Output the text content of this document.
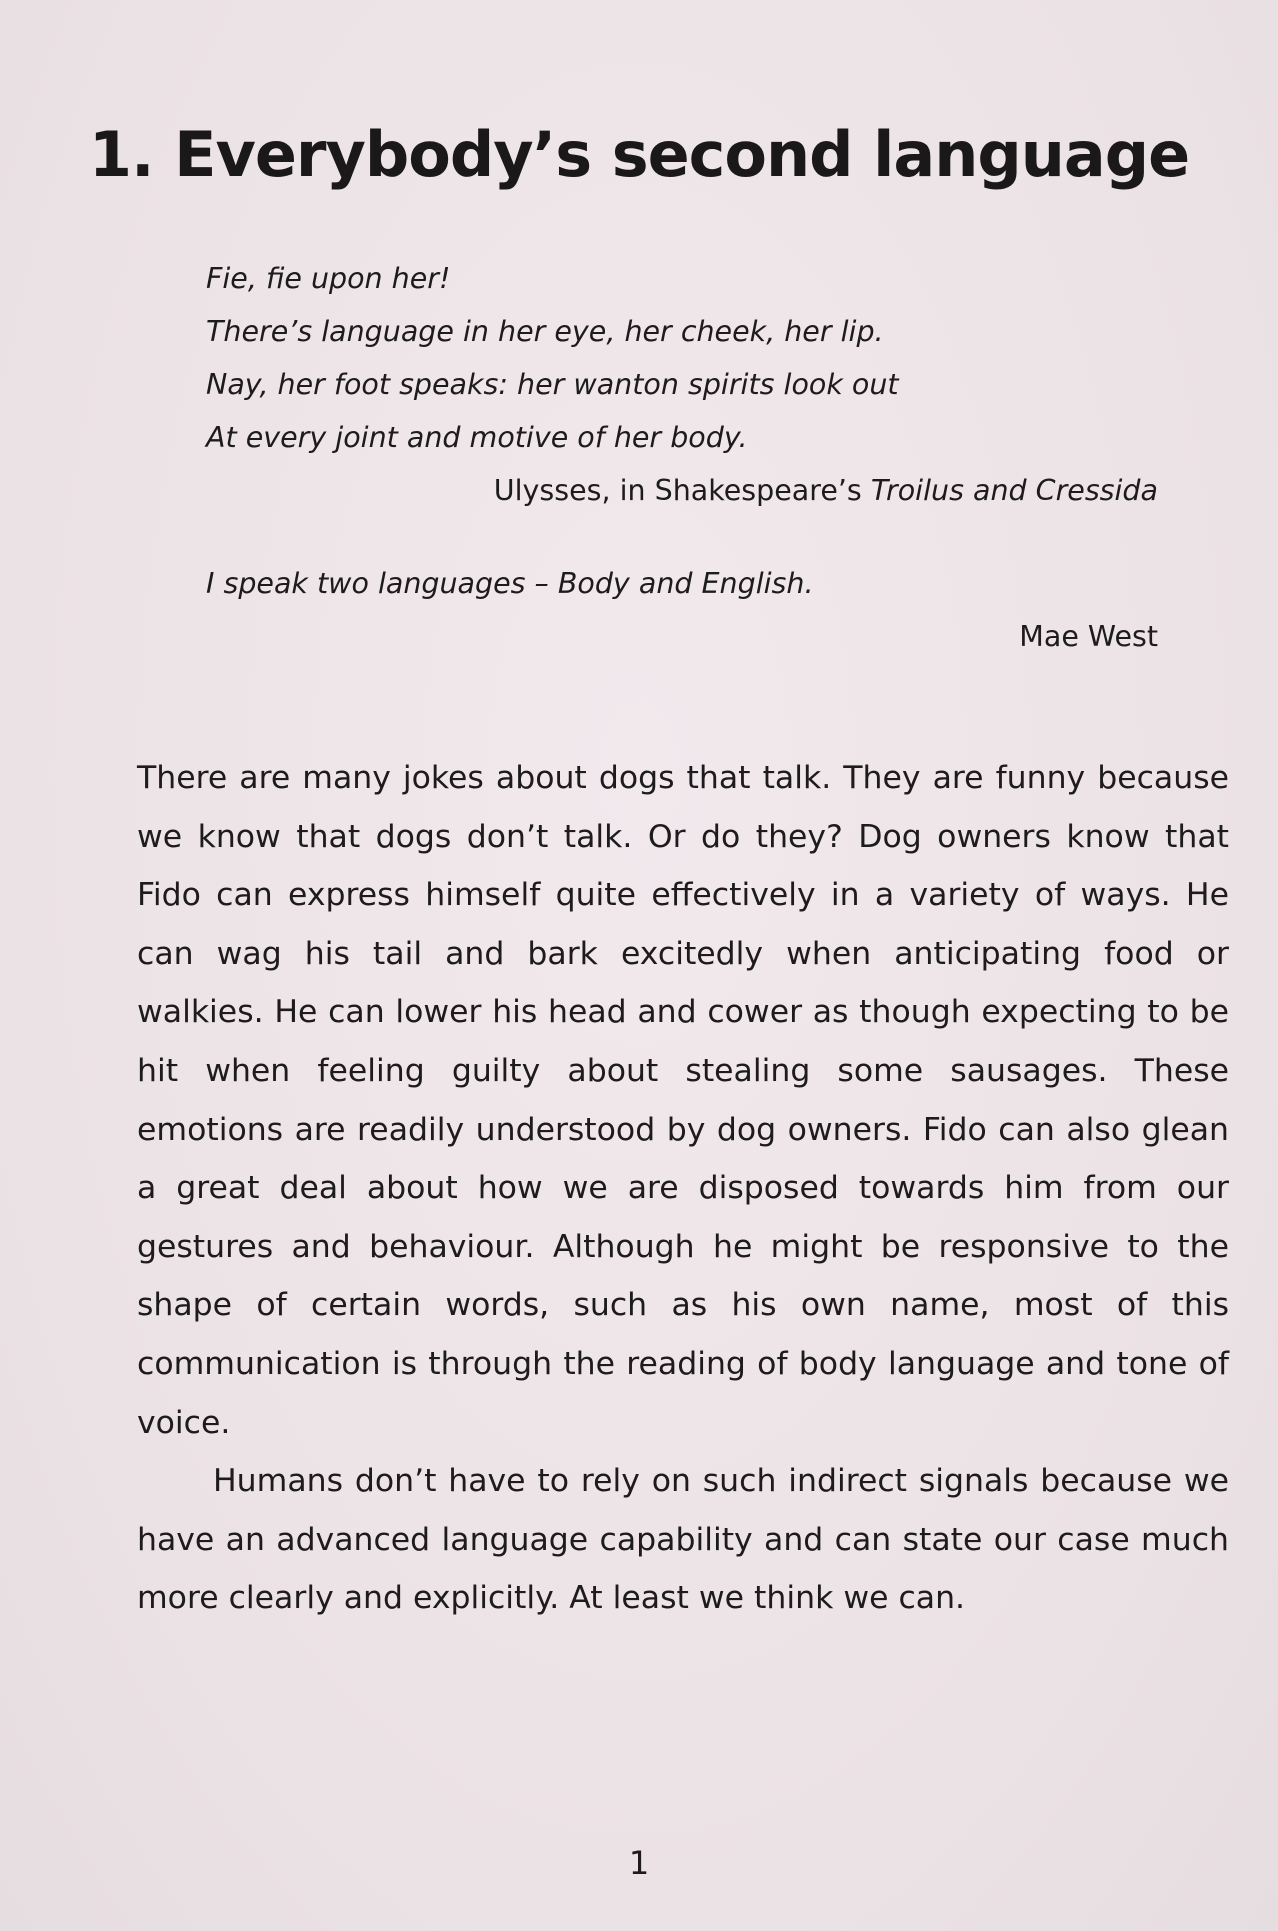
1. Everybody’s second language
Fie, fie upon her!
There’s language in her eye, her cheek, her lip.
Nay, her foot speaks: her wanton spirits look out
At every joint and motive of her body.
Ulysses, in Shakespeare’s Troilus and Cressida
I speak two languages – Body and English.
Mae West

There are many jokes about dogs that talk. They are funny because we know that dogs don’t talk. Or do they? Dog owners know that Fido can express himself quite effectively in a variety of ways. He can wag his tail and bark excitedly when anticipating food or walkies. He can lower his head and cower as though expecting to be hit when feeling guilty about stealing some sausages. These emotions are readily understood by dog owners. Fido can also glean a great deal about how we are disposed towards him from our gestures and behaviour. Although he might be responsive to the shape of certain words, such as his own name, most of this communication is through the reading of body language and tone of voice.

Humans don’t have to rely on such indirect signals because we have an advanced language capability and can state our case much more clearly and explicitly. At least we think we can.

1
